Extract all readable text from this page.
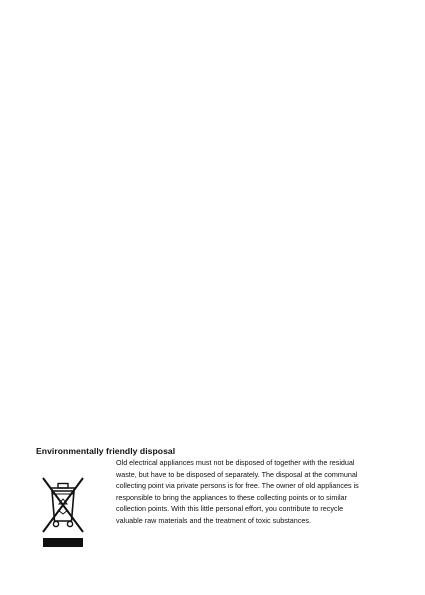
Environmentally friendly disposal

Old electrical appliances must not be disposed of together with the residual
waste, but have to be disposed of separately. The disposal at the communal
collecting point via private persons is for free. The owner of old appliances is
responsible to bring the appliances to these collecting points or to similar
collection points. With this little personal effort, you contribute to recycle
valuable raw materials and the treatment of toxic substances.
